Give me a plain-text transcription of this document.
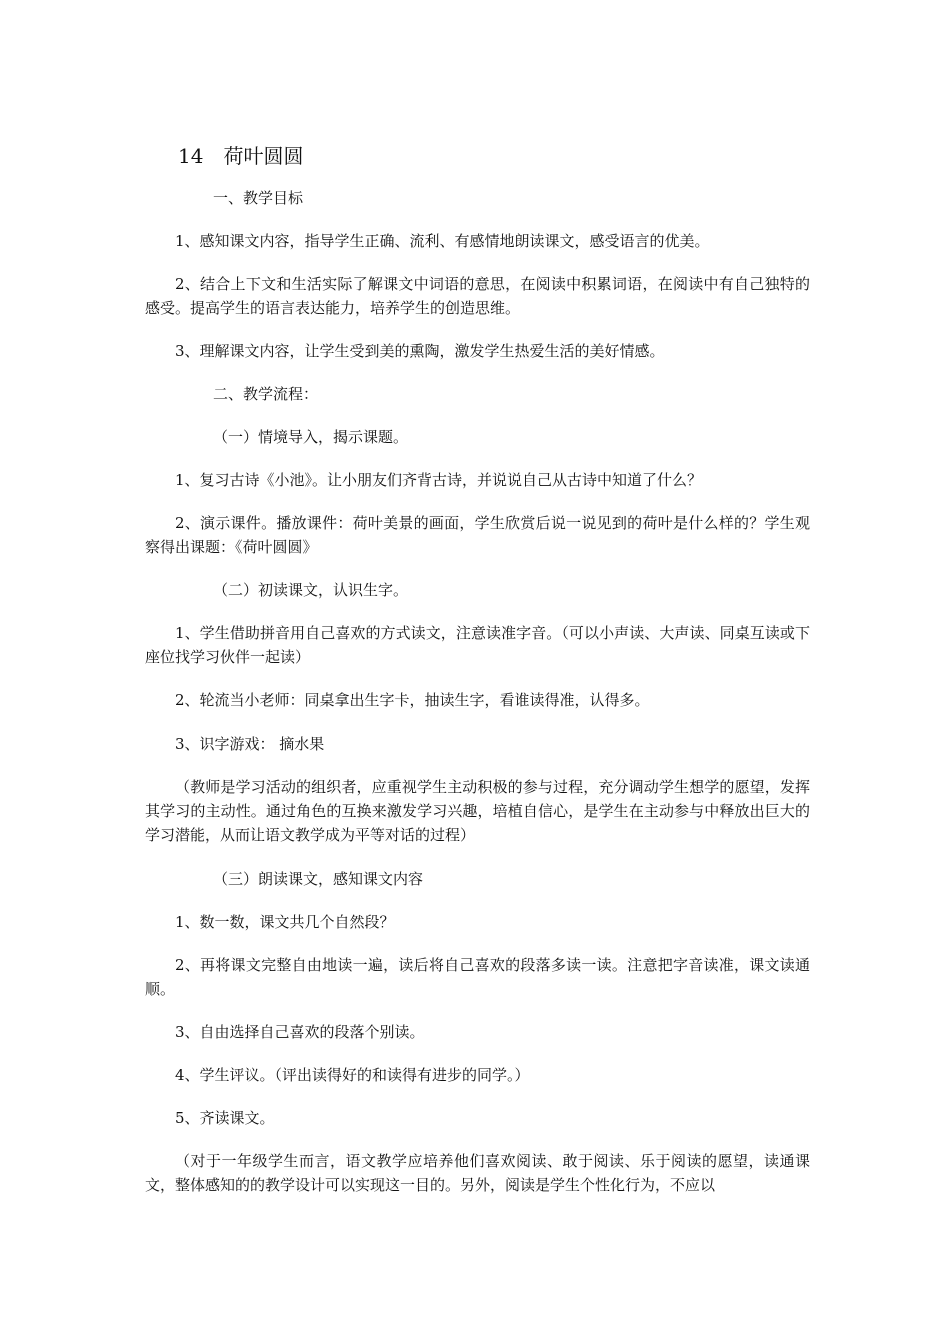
14 荷叶圆圆
一、教学目标

1、感知课文内容，指导学生正确、流利、有感情地朗读课文，感受语言的优美。

2、结合上下文和生活实际了解课文中词语的意思，在阅读中积累词语，在阅读中有自己独特的感受。提高学生的语言表达能力，培养学生的创造思维。

3、理解课文内容，让学生受到美的熏陶，激发学生热爱生活的美好情感。

二、教学流程：
（一）情境导入，揭示课题。

1、复习古诗《小池》。让小朋友们齐背古诗，并说说自己从古诗中知道了什么？

2、演示课件。播放课件：荷叶美景的画面，学生欣赏后说一说见到的荷叶是什么样的？学生观察得出课题：《荷叶圆圆》

（二）初读课文，认识生字。

1、学生借助拼音用自己喜欢的方式读文，注意读准字音。（可以小声读、大声读、同桌互读或下座位找学习伙伴一起读）

2、轮流当小老师：同桌拿出生字卡，抽读生字，看谁读得准，认得多。

3、识字游戏： 摘水果

（教师是学习活动的组织者，应重视学生主动积极的参与过程，充分调动学生想学的愿望，发挥其学习的主动性。通过角色的互换来激发学习兴趣，培植自信心，是学生在主动参与中释放出巨大的学习潜能，从而让语文教学成为平等对话的过程）

（三）朗读课文，感知课文内容

1、数一数，课文共几个自然段？

2、再将课文完整自由地读一遍，读后将自己喜欢的段落多读一读。注意把字音读准，课文读通顺。

3、自由选择自己喜欢的段落个别读。

4、学生评议。（评出读得好的和读得有进步的同学。）

5、齐读课文。

（对于一年级学生而言，语文教学应培养他们喜欢阅读、敢于阅读、乐于阅读的愿望，读通课文，整体感知的的教学设计可以实现这一目的。另外，阅读是学生个性化行为，不应以
